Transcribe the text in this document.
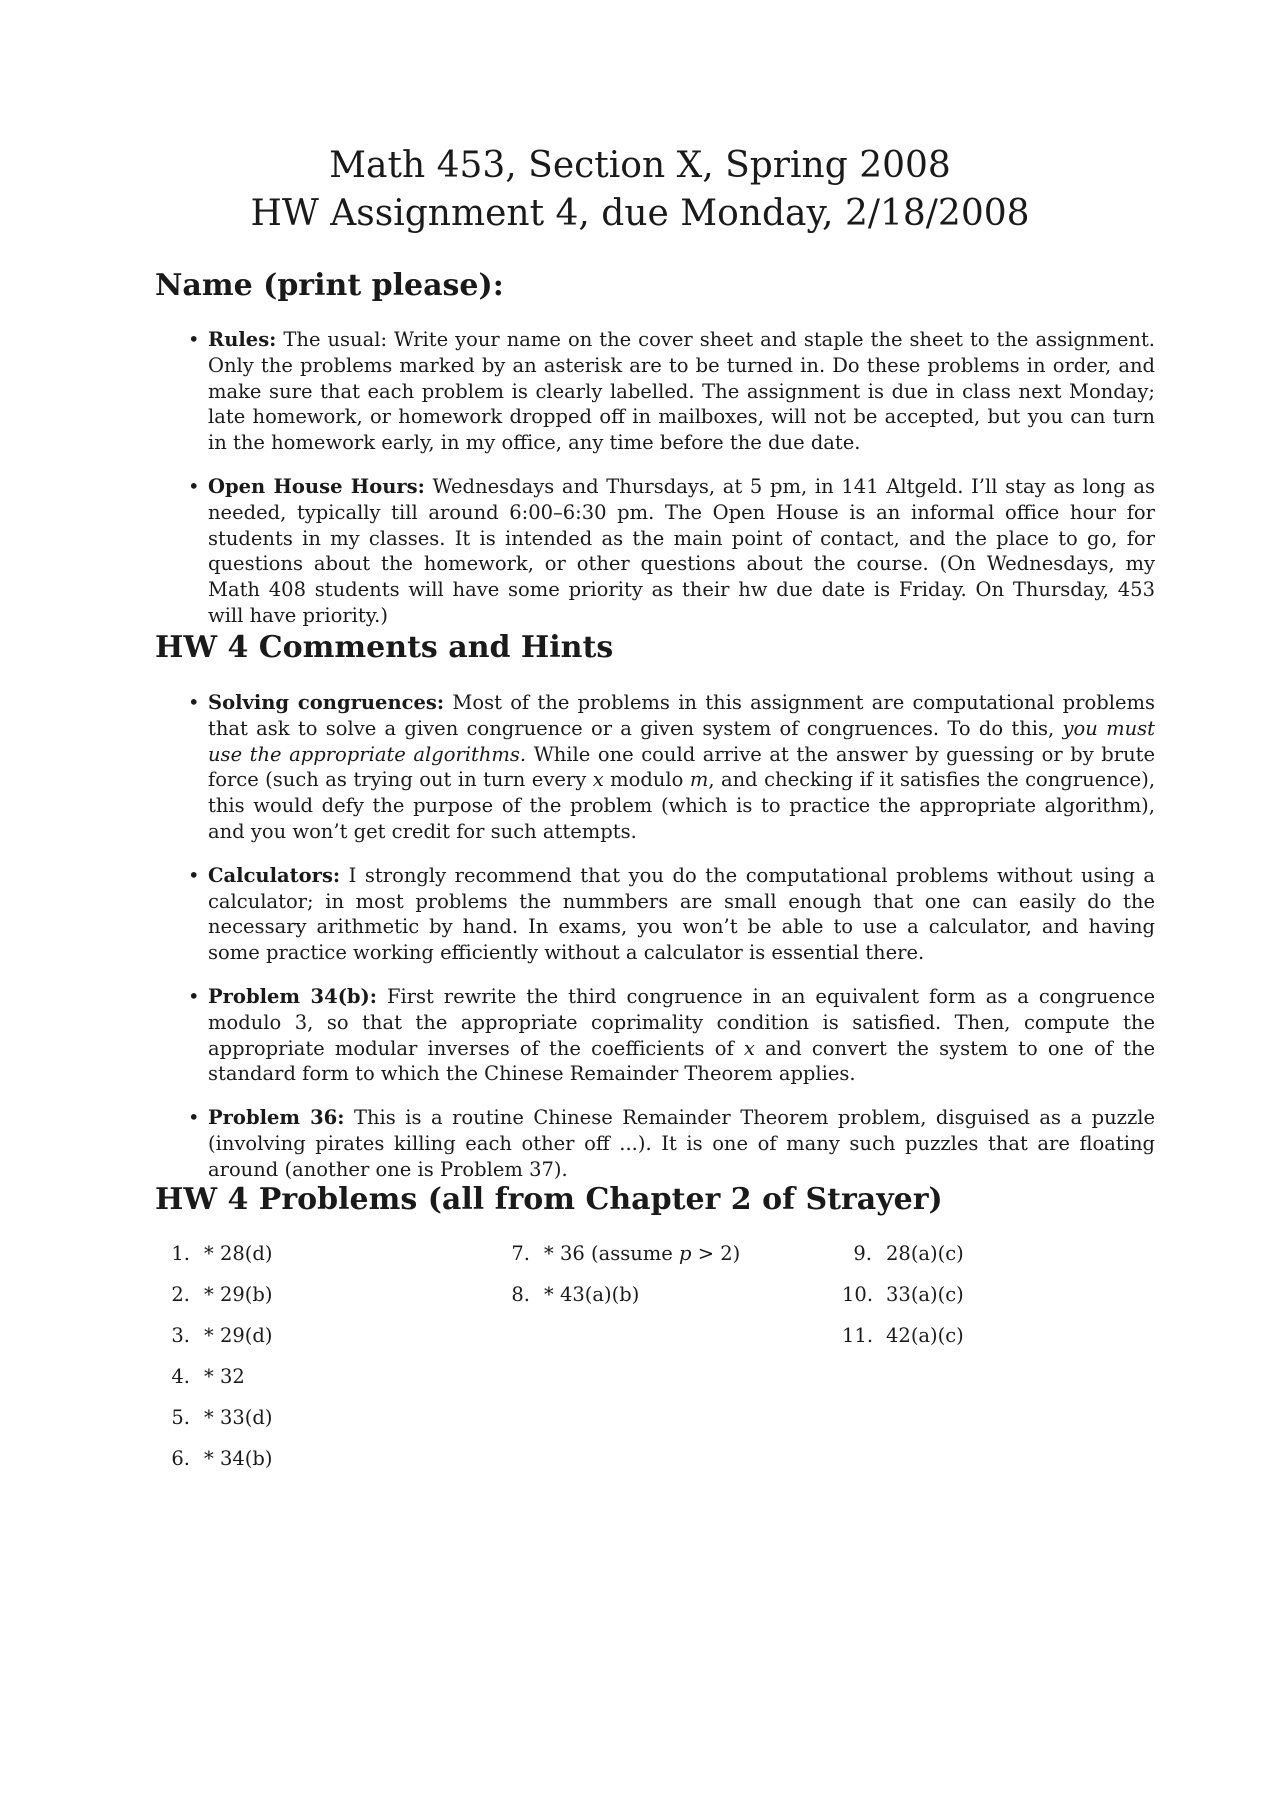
Math 453, Section X, Spring 2008
HW Assignment 4, due Monday, 2/18/2008
Name (print please):
• Rules: The usual: Write your name on the cover sheet and staple the sheet to the assignment. Only the problems marked by an asterisk are to be turned in. Do these problems in order, and make sure that each problem is clearly labelled. The assignment is due in class next Monday; late homework, or homework dropped off in mailboxes, will not be accepted, but you can turn in the homework early, in my office, any time before the due date.
• Open House Hours: Wednesdays and Thursdays, at 5 pm, in 141 Altgeld. I’ll stay as long as needed, typically till around 6:00–6:30 pm. The Open House is an informal office hour for students in my classes. It is intended as the main point of contact, and the place to go, for questions about the homework, or other questions about the course. (On Wednesdays, my Math 408 students will have some priority as their hw due date is Friday. On Thursday, 453 will have priority.)
HW 4 Comments and Hints
• Solving congruences: Most of the problems in this assignment are computational problems that ask to solve a given congruence or a given system of congruences. To do this, you must use the appropriate algorithms. While one could arrive at the answer by guessing or by brute force (such as trying out in turn every x modulo m, and checking if it satisfies the congruence), this would defy the purpose of the problem (which is to practice the appropriate algorithm), and you won’t get credit for such attempts.
• Calculators: I strongly recommend that you do the computational problems without using a calculator; in most problems the nummbers are small enough that one can easily do the necessary arithmetic by hand. In exams, you won’t be able to use a calculator, and having some practice working efficiently without a calculator is essential there.
• Problem 34(b): First rewrite the third congruence in an equivalent form as a congruence modulo 3, so that the appropriate coprimality condition is satisfied. Then, compute the appropriate modular inverses of the coefficients of x and convert the system to one of the standard form to which the Chinese Remainder Theorem applies.
• Problem 36: This is a routine Chinese Remainder Theorem problem, disguised as a puzzle (involving pirates killing each other off ...). It is one of many such puzzles that are floating around (another one is Problem 37).
HW 4 Problems (all from Chapter 2 of Strayer)
1. * 28(d)
2. * 29(b)
3. * 29(d)
4. * 32
5. * 33(d)
6. * 34(b)
7. * 36 (assume p > 2)
8. * 43(a)(b)
9. 28(a)(c)
10. 33(a)(c)
11. 42(a)(c)
